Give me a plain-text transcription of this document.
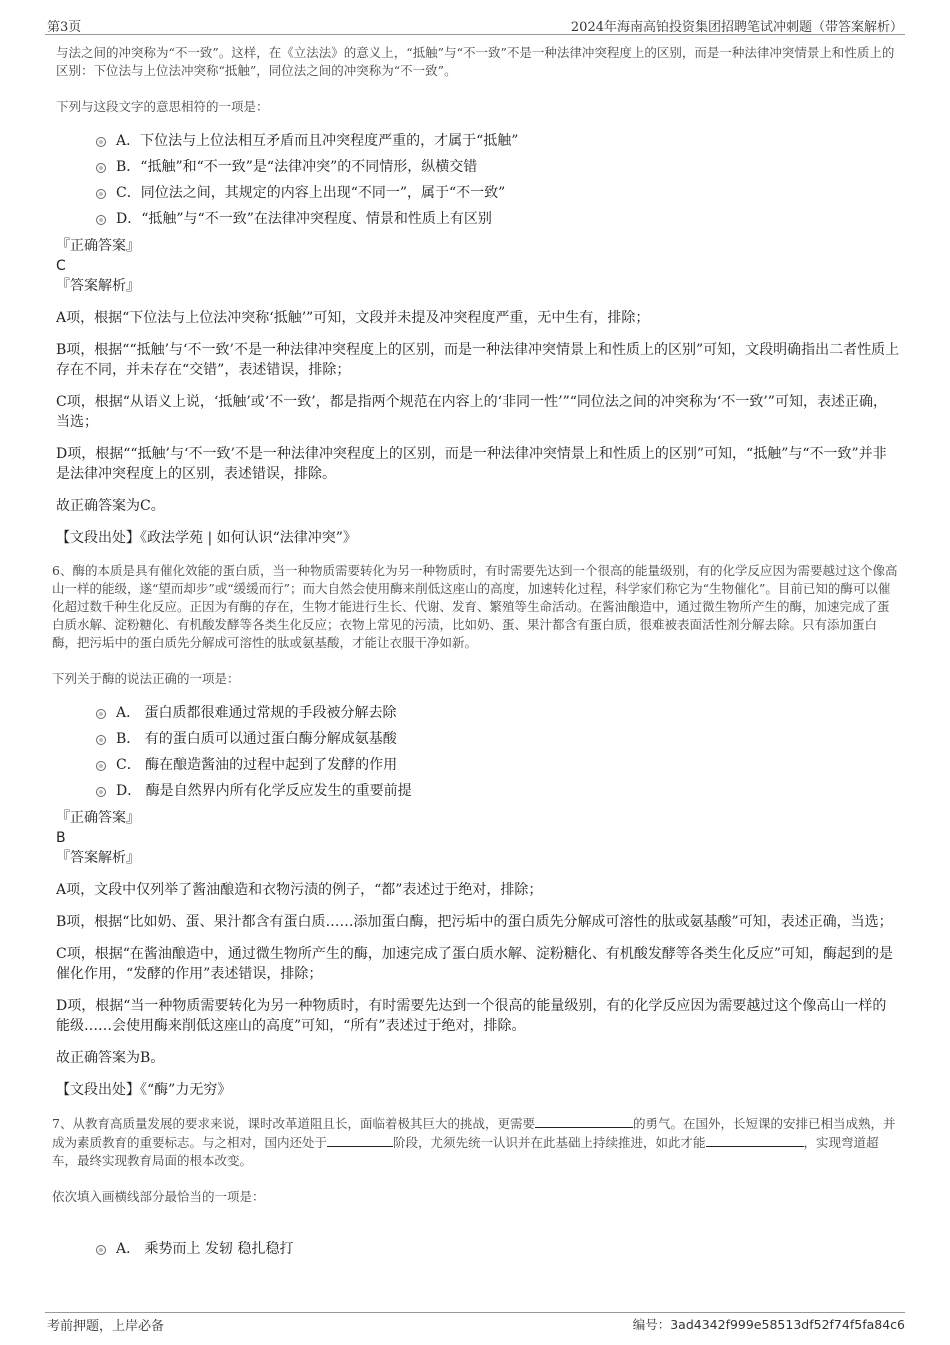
第3页	2024年海南高铂投资集团招聘笔试冲刺题（带答案解析）

与法之间的冲突称为“不一致”。这样，在《立法法》的意义上，“抵触”与“不一致”不是一种法律冲突程度上的区别，而是一种法律冲突情景上和性质上的区别：下位法与上位法冲突称“抵触”，同位法之间的冲突称为“不一致”。

下列与这段文字的意思相符的一项是：

A．下位法与上位法相互矛盾而且冲突程度严重的，才属于“抵触”
B．“抵触”和“不一致”是“法律冲突”的不同情形，纵横交错
C．同位法之间，其规定的内容上出现“不同一”，属于“不一致”
D．“抵触”与“不一致”在法律冲突程度、情景和性质上有区别

『正确答案』

C

『答案解析』

A项，根据“下位法与上位法冲突称‘抵触’”可知，文段并未提及冲突程度严重，无中生有，排除；

B项，根据““抵触’与‘不一致’不是一种法律冲突程度上的区别，而是一种法律冲突情景上和性质上的区别”可知，文段明确指出二者性质上存在不同，并未存在“交错”，表述错误，排除；

C项，根据“从语义上说，‘抵触’或‘不一致’，都是指两个规范在内容上的‘非同一性’”“同位法之间的冲突称为‘不一致’”可知，表述正确，当选；

D项，根据““抵触’与‘不一致’不是一种法律冲突程度上的区别，而是一种法律冲突情景上和性质上的区别”可知，“抵触”与“不一致”并非是法律冲突程度上的区别，表述错误，排除。

故正确答案为C。

【文段出处】《政法学苑 | 如何认识“法律冲突”》

6、酶的本质是具有催化效能的蛋白质，当一种物质需要转化为另一种物质时，有时需要先达到一个很高的能量级别，有的化学反应因为需要越过这个像高山一样的能级，遂“望而却步”或“缓缓而行”；而大自然会使用酶来削低这座山的高度，加速转化过程，科学家们称它为“生物催化”。目前已知的酶可以催化超过数千种生化反应。正因为有酶的存在，生物才能进行生长、代谢、发育、繁殖等生命活动。在酱油酿造中，通过微生物所产生的酶，加速完成了蛋白质水解、淀粉糖化、有机酸发酵等各类生化反应；衣物上常见的污渍，比如奶、蛋、果汁都含有蛋白质，很难被表面活性剂分解去除。只有添加蛋白酶，把污垢中的蛋白质先分解成可溶性的肽或氨基酸，才能让衣服干净如新。

下列关于酶的说法正确的一项是：

A． 蛋白质都很难通过常规的手段被分解去除
B． 有的蛋白质可以通过蛋白酶分解成氨基酸
C． 酶在酿造酱油的过程中起到了发酵的作用
D． 酶是自然界内所有化学反应发生的重要前提

『正确答案』

B

『答案解析』

A项，文段中仅列举了酱油酿造和衣物污渍的例子，“都”表述过于绝对，排除；

B项，根据“比如奶、蛋、果汁都含有蛋白质……添加蛋白酶，把污垢中的蛋白质先分解成可溶性的肽或氨基酸”可知，表述正确，当选；

C项，根据“在酱油酿造中，通过微生物所产生的酶，加速完成了蛋白质水解、淀粉糖化、有机酸发酵等各类生化反应”可知，酶起到的是催化作用，“发酵的作用”表述错误，排除；

D项，根据“当一种物质需要转化为另一种物质时，有时需要先达到一个很高的能量级别，有的化学反应因为需要越过这个像高山一样的能级……会使用酶来削低这座山的高度”可知，“所有”表述过于绝对，排除。

故正确答案为B。

【文段出处】《“酶”力无穷》

7、从教育高质量发展的要求来说，课时改革道阻且长，面临着极其巨大的挑战，更需要	的勇气。在国外，长短课的安排已相当成熟，并成为素质教育的重要标志。与之相对，国内还处于	阶段，尤须先统一认识并在此基础上持续推进，如此才能	，实现弯道超车，最终实现教育局面的根本改变。

依次填入画横线部分最恰当的一项是：

A． 乘势而上 发轫 稳扎稳打
考前押题，上岸必备	编号：3ad4342f999e58513df52f74f5fa84c6
